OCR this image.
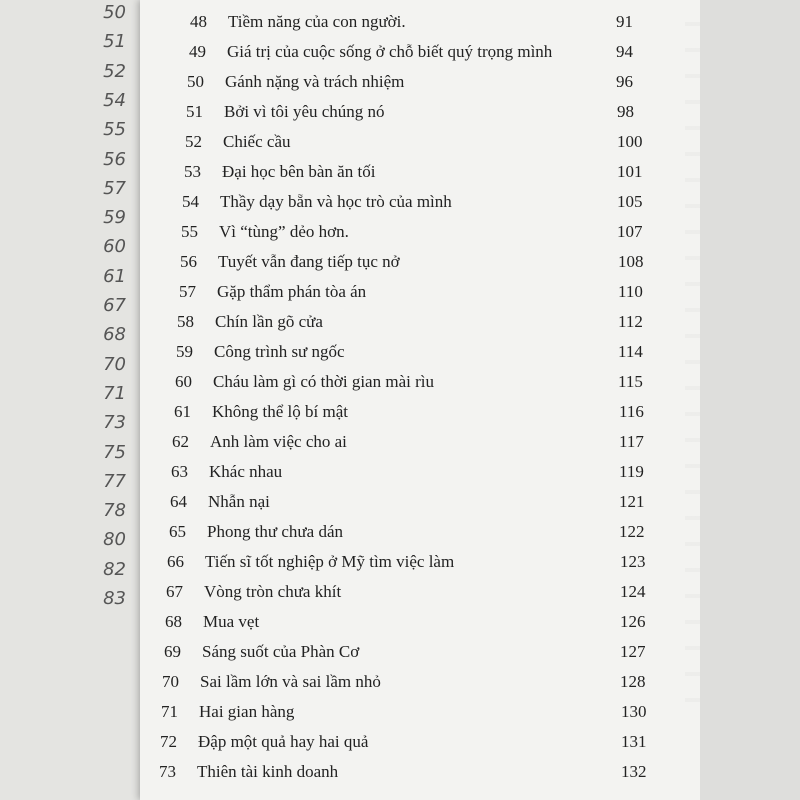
50
51
52
54
55
56
57
59
60
61
67
68
70
71
73
75
77
78
80
82
83
48 Tiềm năng của con người.	91
49 Giá trị của cuộc sống ở chỗ biết quý trọng mình	94
50 Gánh nặng và trách nhiệm	96
51 Bởi vì tôi yêu chúng nó	98
52 Chiếc cầu	100
53 Đại học bên bàn ăn tối	101
54 Thầy dạy bẵn và học trò của mình	105
55 Vì “tùng” dẻo hơn.	107
56 Tuyết vẫn đang tiếp tục nở	108
57 Gặp thẩm phán tòa án	110
58 Chín lần gõ cửa	112
59 Công trình sư ngốc	114
60 Cháu làm gì có thời gian mài rìu	115
61 Không thể lộ bí mật	116
62 Anh làm việc cho ai	117
63 Khác nhau	119
64 Nhẫn nại	121
65 Phong thư chưa dán	122
66 Tiến sĩ tốt nghiệp ở Mỹ tìm việc làm	123
67 Vòng tròn chưa khít	124
68 Mua vẹt	126
69 Sáng suốt của Phàn Cơ	127
70 Sai lầm lớn và sai lầm nhỏ	128
71 Hai gian hàng	130
72 Đập một quả hay hai quả	131
73 Thiên tài kinh doanh	132
